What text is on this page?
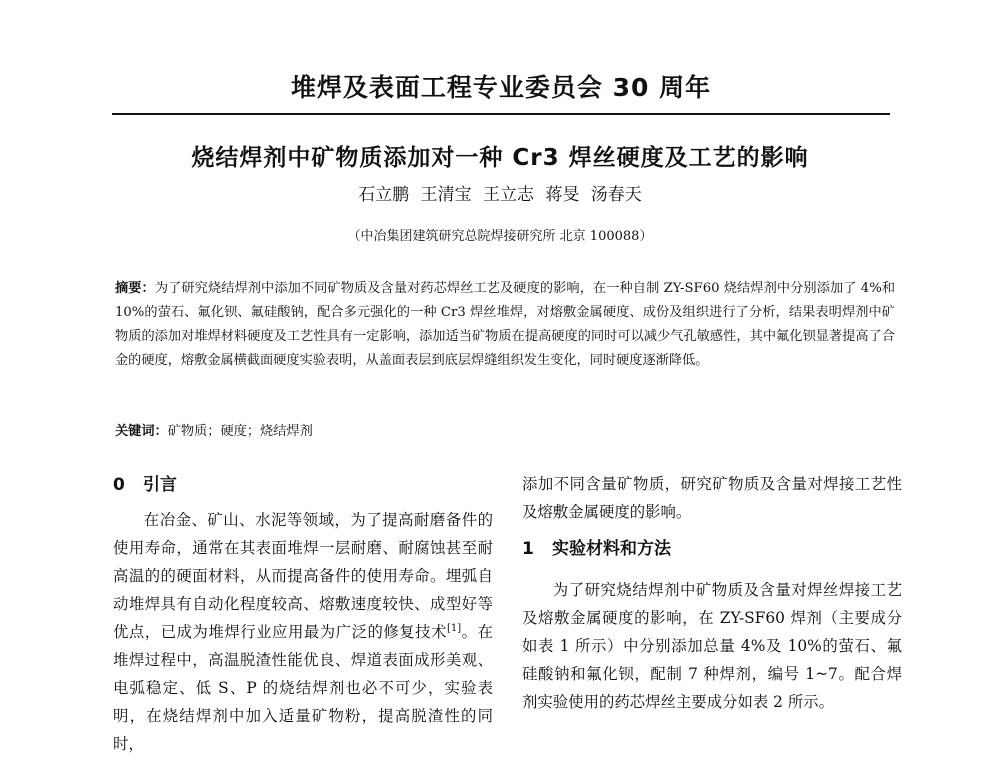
堆焊及表面工程专业委员会 30 周年
烧结焊剂中矿物质添加对一种 Cr3 焊丝硬度及工艺的影响
石立鹏 王清宝 王立志 蒋旻 汤春天
（中冶集团建筑研究总院焊接研究所 北京 100088）
摘要：为了研究烧结焊剂中添加不同矿物质及含量对药芯焊丝工艺及硬度的影响，在一种自制 ZY-SF60 烧结焊剂中分别添加了 4%和 10%的萤石、氟化钡、氟硅酸钠，配合多元强化的一种 Cr3 焊丝堆焊，对熔敷金属硬度、成份及组织进行了分析，结果表明焊剂中矿物质的添加对堆焊材料硬度及工艺性具有一定影响，添加适当矿物质在提高硬度的同时可以减少气孔敏感性，其中氟化钡显著提高了合金的硬度，熔敷金属横截面硬度实验表明，从盖面表层到底层焊缝组织发生变化，同时硬度逐渐降低。
关键词：矿物质；硬度；烧结焊剂
0 引言

在冶金、矿山、水泥等领域，为了提高耐磨备件的使用寿命，通常在其表面堆焊一层耐磨、耐腐蚀甚至耐高温的的硬面材料，从而提高备件的使用寿命。埋弧自动堆焊具有自动化程度较高、熔敷速度较快、成型好等优点，已成为堆焊行业应用最为广泛的修复技术[1]。在堆焊过程中，高温脱渣性能优良、焊道表面成形美观、电弧稳定、低 S、P 的烧结焊剂也必不可少，实验表明，在烧结焊剂中加入适量矿物粉，提高脱渣性的同时，

添加不同含量矿物质，研究矿物质及含量对焊接工艺性及熔敷金属硬度的影响。

1 实验材料和方法

为了研究烧结焊剂中矿物质及含量对焊丝焊接工艺及熔敷金属硬度的影响，在 ZY-SF60 焊剂（主要成分如表 1 所示）中分别添加总量 4%及 10%的萤石、氟硅酸钠和氟化钡，配制 7 种焊剂，编号 1~7。配合焊剂实验使用的药芯焊丝主要成分如表 2 所示。
